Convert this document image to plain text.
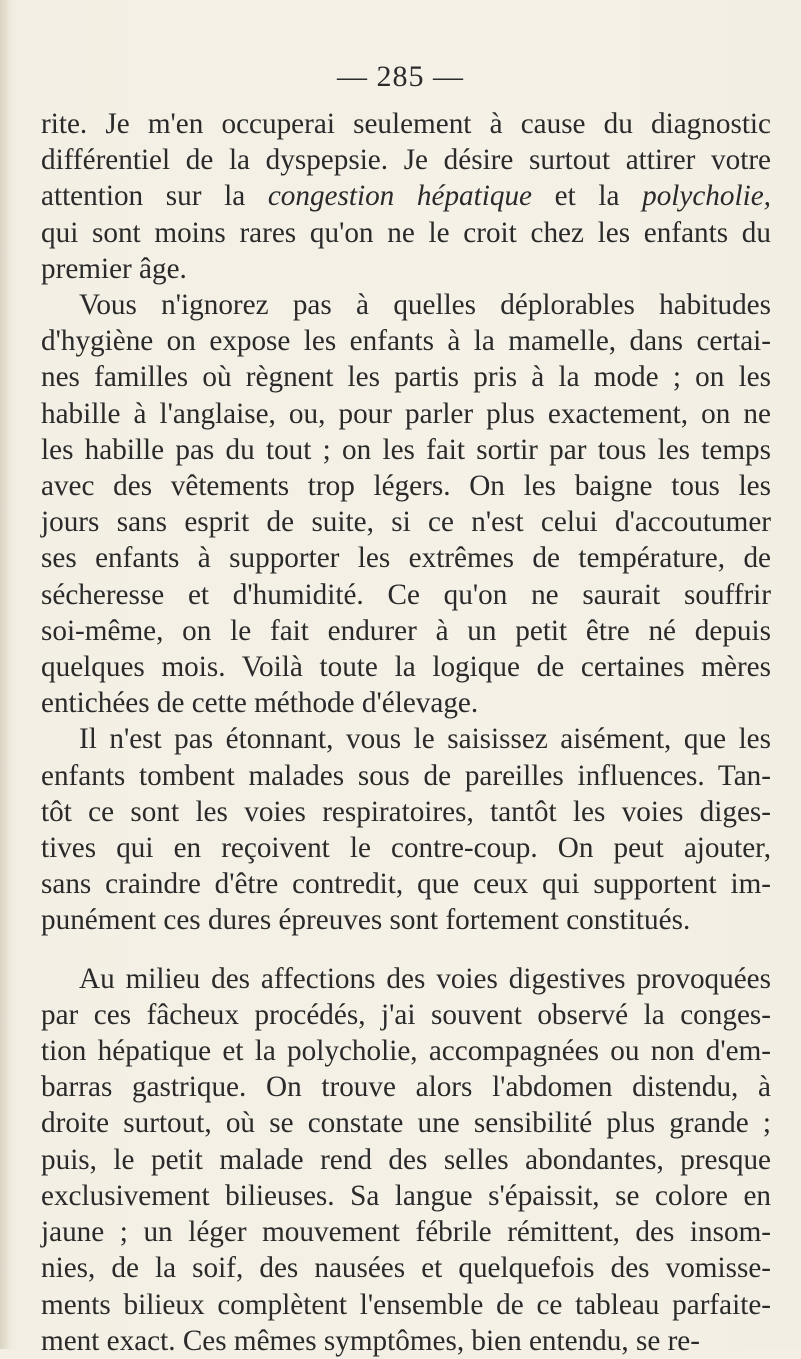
— 285 —

rite. Je m'en occuperai seulement à cause du diagnostic
différentiel de la dyspepsie. Je désire surtout attirer votre
attention sur la congestion hépatique et la polycholie,
qui sont moins rares qu'on ne le croit chez les enfants du
premier âge.

Vous n'ignorez pas à quelles déplorables habitudes
d'hygiène on expose les enfants à la mamelle, dans certai-
nes familles où règnent les partis pris à la mode ; on les
habille à l'anglaise, ou, pour parler plus exactement, on ne
les habille pas du tout ; on les fait sortir par tous les temps
avec des vêtements trop légers. On les baigne tous les
jours sans esprit de suite, si ce n'est celui d'accoutumer
ses enfants à supporter les extrêmes de température, de
sécheresse et d'humidité. Ce qu'on ne saurait souffrir
soi-même, on le fait endurer à un petit être né depuis
quelques mois. Voilà toute la logique de certaines mères
entichées de cette méthode d'élevage.

Il n'est pas étonnant, vous le saisissez aisément, que les
enfants tombent malades sous de pareilles influences. Tan-
tôt ce sont les voies respiratoires, tantôt les voies diges-
tives qui en reçoivent le contre-coup. On peut ajouter,
sans craindre d'être contredit, que ceux qui supportent im-
punément ces dures épreuves sont fortement constitués.

Au milieu des affections des voies digestives provoquées
par ces fâcheux procédés, j'ai souvent observé la conges-
tion hépatique et la polycholie, accompagnées ou non d'em-
barras gastrique. On trouve alors l'abdomen distendu, à
droite surtout, où se constate une sensibilité plus grande ;
puis, le petit malade rend des selles abondantes, presque
exclusivement bilieuses. Sa langue s'épaissit, se colore en
jaune ; un léger mouvement fébrile rémittent, des insom-
nies, de la soif, des nausées et quelquefois des vomisse-
ments bilieux complètent l'ensemble de ce tableau parfaite-
ment exact. Ces mêmes symptômes, bien entendu, se re-
